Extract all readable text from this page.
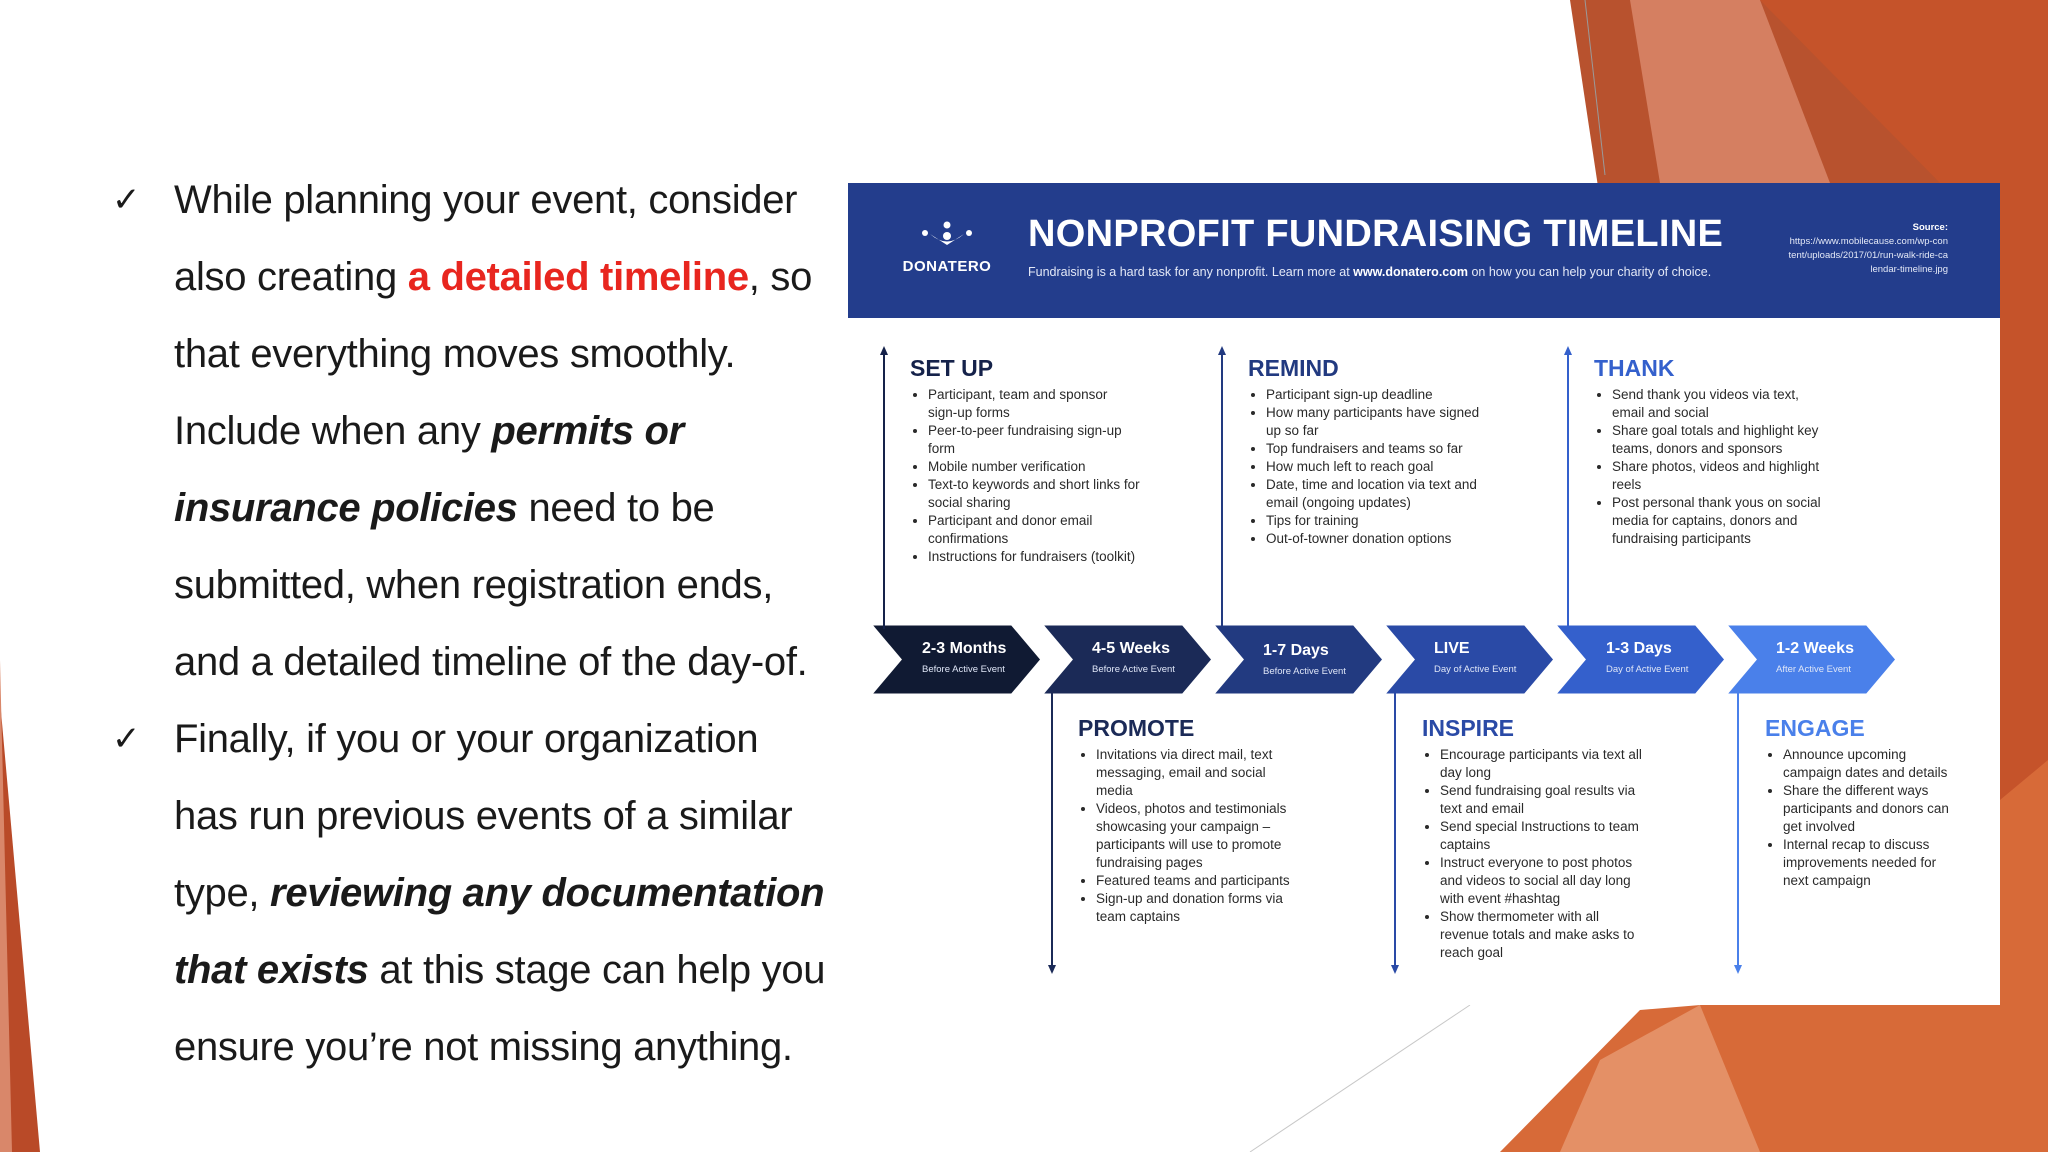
✓ While planning your event, consider also creating a detailed timeline, so that everything moves smoothly. Include when any permits or insurance policies need to be submitted, when registration ends, and a detailed timeline of the day-of.
✓ Finally, if you or your organization has run previous events of a similar type, reviewing any documentation that exists at this stage can help you ensure you’re not missing anything.
DONATERO
NONPROFIT FUNDRAISING TIMELINE
Fundraising is a hard task for any nonprofit. Learn more at www.donatero.com on how you can help your charity of choice.
Source:
https://www.mobilecause.com/wp-content/uploads/2017/01/run-walk-ride-calendar-timeline.jpg
SET UP
• Participant, team and sponsor sign-up forms
• Peer-to-peer fundraising sign-up form
• Mobile number verification
• Text-to keywords and short links for social sharing
• Participant and donor email confirmations
• Instructions for fundraisers (toolkit)
REMIND
• Participant sign-up deadline
• How many participants have signed up so far
• Top fundraisers and teams so far
• How much left to reach goal
• Date, time and location via text and email (ongoing updates)
• Tips for training
• Out-of-towner donation options
THANK
• Send thank you videos via text, email and social
• Share goal totals and highlight key teams, donors and sponsors
• Share photos, videos and highlight reels
• Post personal thank yous on social media for captains, donors and fundraising participants
PROMOTE
• Invitations via direct mail, text messaging, email and social media
• Videos, photos and testimonials showcasing your campaign – participants will use to promote fundraising pages
• Featured teams and participants
• Sign-up and donation forms via team captains
INSPIRE
• Encourage participants via text all day long
• Send fundraising goal results via text and email
• Send special Instructions to team captains
• Instruct everyone to post photos and videos to social all day long with event #hashtag
• Show thermometer with all revenue totals and make asks to reach goal
ENGAGE
• Announce upcoming campaign dates and details
• Share the different ways participants and donors can get involved
• Internal recap to discuss improvements needed for next campaign
2-3 Months
Before Active Event
4-5 Weeks
Before Active Event
1-7 Days
Before Active Event
LIVE
Day of Active Event
1-3 Days
Day of Active Event
1-2 Weeks
After Active Event
